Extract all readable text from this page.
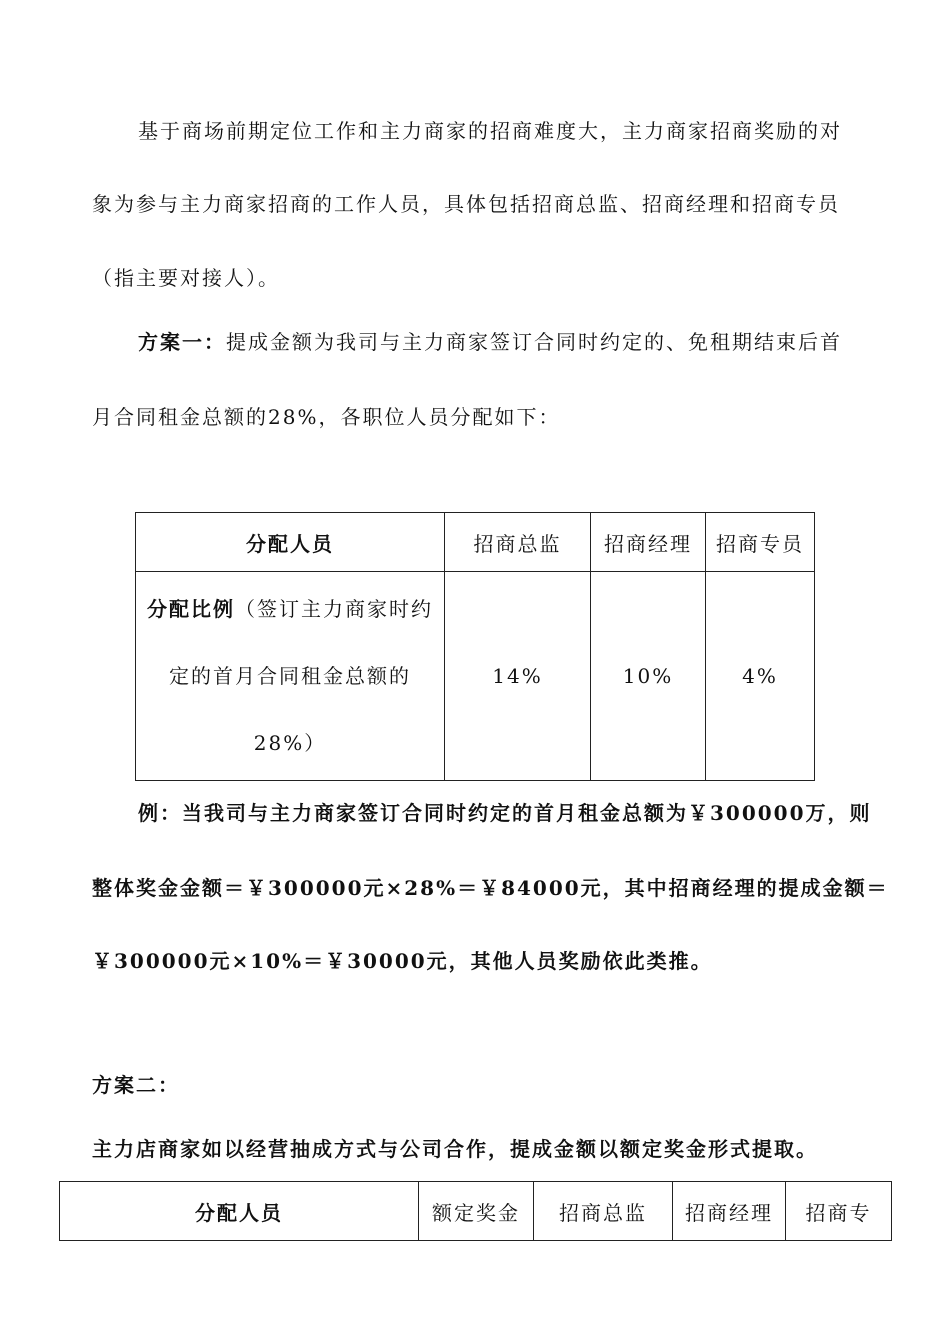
基于商场前期定位工作和主力商家的招商难度大，主力商家招商奖励的对
象为参与主力商家招商的工作人员，具体包括招商总监、招商经理和招商专员
（指主要对接人）。
方案一：提成金额为我司与主力商家签订合同时约定的、免租期结束后首
月合同租金总额的28%，各职位人员分配如下：
分配人员	招商总监	招商经理	招商专员

分配比例（签订主力商家时约
定的首月合同租金总额的
28%）	14%	10%	4%
例：当我司与主力商家签订合同时约定的首月租金总额为￥300000万，则
整体奖金金额＝￥300000元×28%＝￥84000元，其中招商经理的提成金额＝
￥300000元×10%＝￥30000元，其他人员奖励依此类推。
方案二：
主力店商家如以经营抽成方式与公司合作，提成金额以额定奖金形式提取。
分配人员	额定奖金	招商总监	招商经理	招商专
